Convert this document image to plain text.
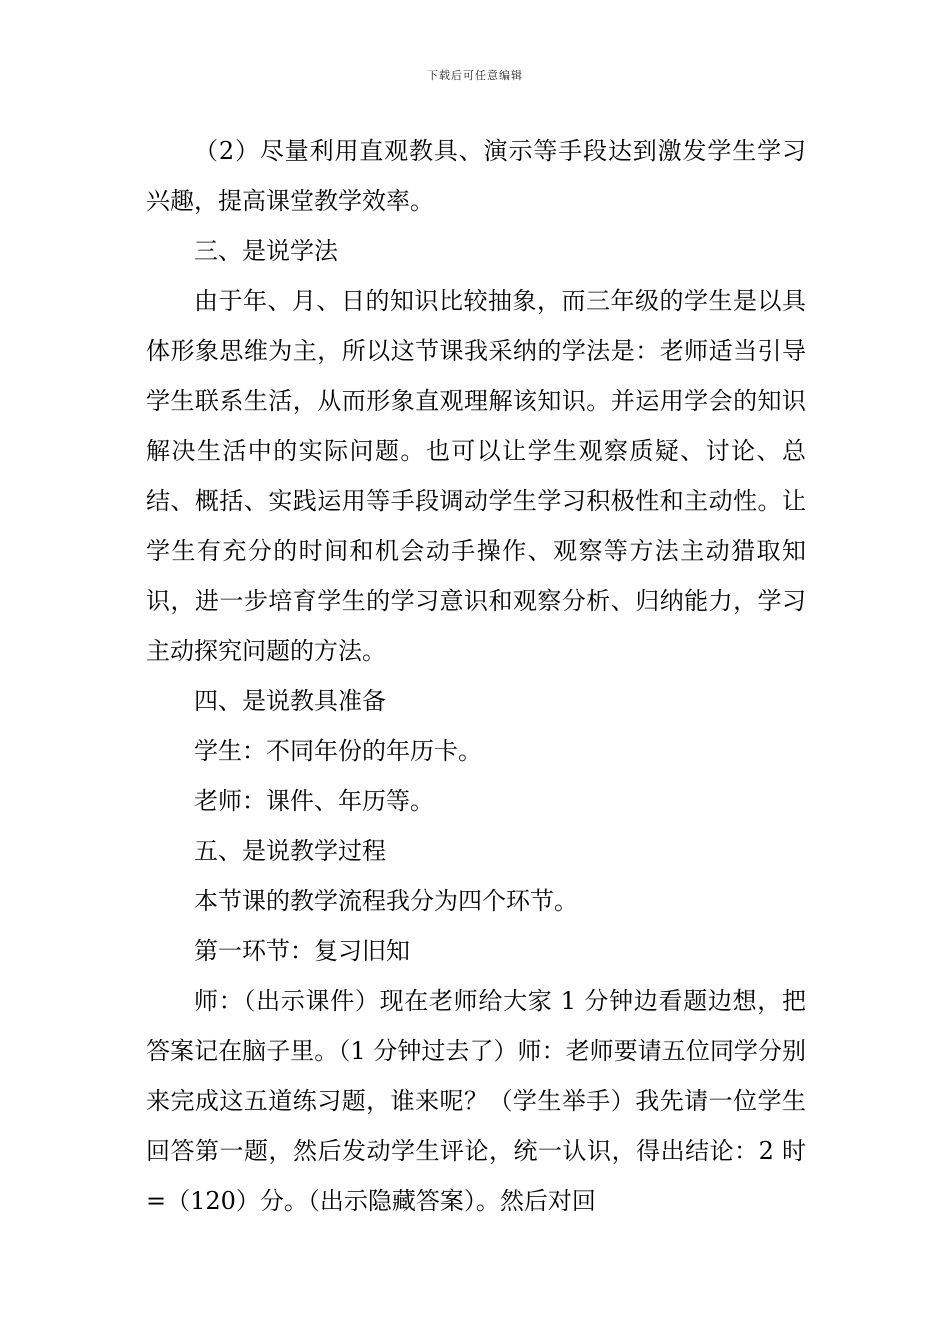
下载后可任意编辑

（2）尽量利用直观教具、演示等手段达到激发学生学习兴趣，提高课堂教学效率。

三、是说学法

由于年、月、日的知识比较抽象，而三年级的学生是以具体形象思维为主，所以这节课我采纳的学法是：老师适当引导学生联系生活，从而形象直观理解该知识。并运用学会的知识解决生活中的实际问题。也可以让学生观察质疑、讨论、总结、概括、实践运用等手段调动学生学习积极性和主动性。让学生有充分的时间和机会动手操作、观察等方法主动猎取知识，进一步培育学生的学习意识和观察分析、归纳能力，学习主动探究问题的方法。

四、是说教具准备

学生：不同年份的年历卡。

老师：课件、年历等。

五、是说教学过程

本节课的教学流程我分为四个环节。

第一环节：复习旧知

师：（出示课件）现在老师给大家 1 分钟边看题边想，把答案记在脑子里。（1 分钟过去了）师：老师要请五位同学分别来完成这五道练习题，谁来呢？（学生举手）我先请一位学生回答第一题，然后发动学生评论，统一认识，得出结论：2 时=（120）分。（出示隐藏答案）。然后对回
